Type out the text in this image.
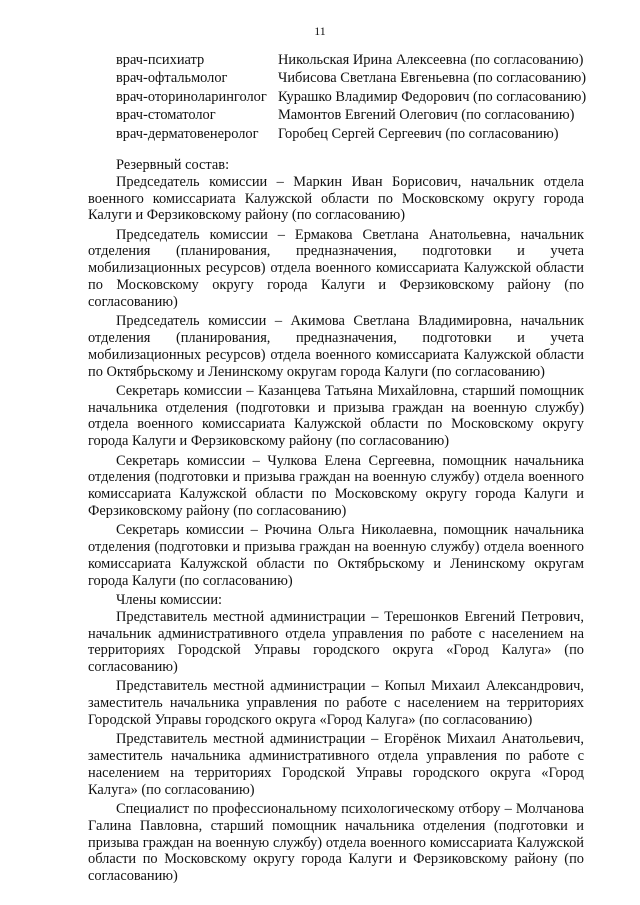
11
врач-психиатр	Никольская Ирина Алексеевна (по согласованию)
врач-офтальмолог	Чибисова Светлана Евгеньевна (по согласованию)
врач-оториноларинголог Курашко Владимир Федорович (по согласованию)
врач-стоматолог	Мамонтов Евгений Олегович (по согласованию)
врач-дерматовенеролог	Горобец Сергей Сергеевич (по согласованию)

Резервный состав:

Председатель комиссии – Маркин Иван Борисович, начальник отдела военного комиссариата Калужской области по Московскому округу города Калуги и Ферзиковскому району (по согласованию)

Председатель комиссии – Ермакова Светлана Анатольевна, начальник отделения (планирования, предназначения, подготовки и учета мобилизационных ресурсов) отдела военного комиссариата Калужской области по Московскому округу города Калуги и Ферзиковскому району (по согласованию)

Председатель комиссии – Акимова Светлана Владимировна, начальник отделения (планирования, предназначения, подготовки и учета мобилизационных ресурсов) отдела военного комиссариата Калужской области по Октябрьскому и Ленинскому округам города Калуги (по согласованию)

Секретарь комиссии – Казанцева Татьяна Михайловна, старший помощник начальника отделения (подготовки и призыва граждан на военную службу) отдела военного комиссариата Калужской области по Московскому округу города Калуги и Ферзиковскому району (по согласованию)

Секретарь комиссии – Чулкова Елена Сергеевна, помощник начальника отделения (подготовки и призыва граждан на военную службу) отдела военного комиссариата Калужской области по Московскому округу города Калуги и Ферзиковскому району (по согласованию)

Секретарь комиссии – Рючина Ольга Николаевна, помощник начальника отделения (подготовки и призыва граждан на военную службу) отдела военного комиссариата Калужской области по Октябрьскому и Ленинскому округам города Калуги (по согласованию)

Члены комиссии:

Представитель местной администрации – Терешонков Евгений Петрович, начальник административного отдела управления по работе с населением на территориях Городской Управы городского округа «Город Калуга» (по согласованию)

Представитель местной администрации – Копыл Михаил Александрович, заместитель начальника управления по работе с населением на территориях Городской Управы городского округа «Город Калуга» (по согласованию)

Представитель местной администрации – Егорёнок Михаил Анатольевич, заместитель начальника административного отдела управления по работе с населением на территориях Городской Управы городского округа «Город Калуга» (по согласованию)

Специалист по профессиональному психологическому отбору – Молчанова Галина Павловна, старший помощник начальника отделения (подготовки и призыва граждан на военную службу) отдела военного комиссариата Калужской области по Московскому округу города Калуги и Ферзиковскому району (по согласованию)
